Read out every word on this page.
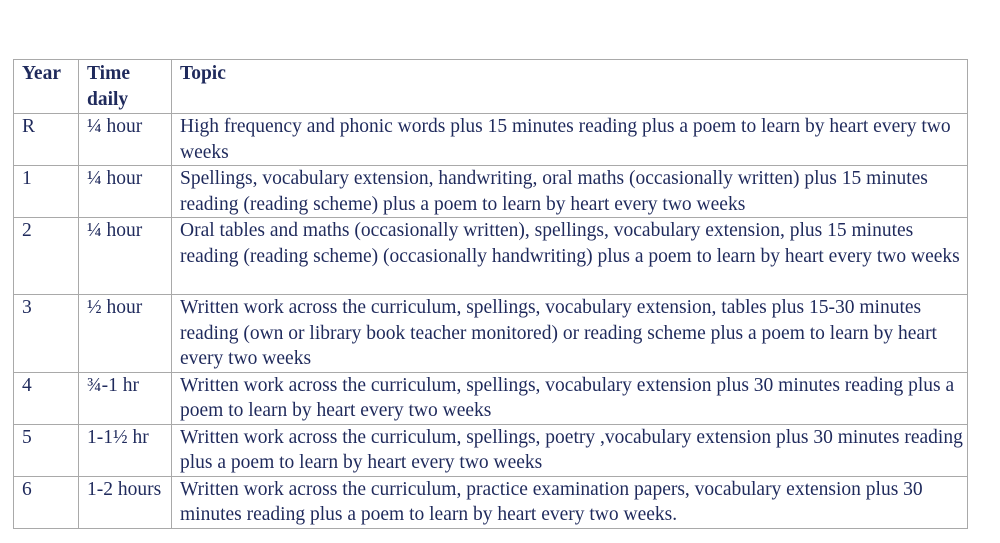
Year	Time daily	Topic

R	¼ hour	High frequency and phonic words plus 15 minutes reading plus a poem to learn by heart every two weeks

1	¼ hour	Spellings, vocabulary extension, handwriting, oral maths (occasionally written) plus 15 minutes reading (reading scheme) plus a poem to learn by heart every two weeks

2	¼ hour	Oral tables and maths (occasionally written), spellings, vocabulary extension, plus 15 minutes reading (reading scheme) (occasionally handwriting) plus a poem to learn by heart every two weeks

3	½ hour	Written work across the curriculum, spellings, vocabulary extension, tables plus 15-30 minutes reading (own or library book teacher monitored) or reading scheme plus a poem to learn by heart every two weeks

4	¾-1 hr	Written work across the curriculum, spellings, vocabulary extension plus 30 minutes reading plus a poem to learn by heart every two weeks

5	1-1½ hr	Written work across the curriculum, spellings, poetry ,vocabulary extension plus 30 minutes reading plus a poem to learn by heart every two weeks

6	1-2 hours	Written work across the curriculum, practice examination papers, vocabulary extension plus 30 minutes reading plus a poem to learn by heart every two weeks.
